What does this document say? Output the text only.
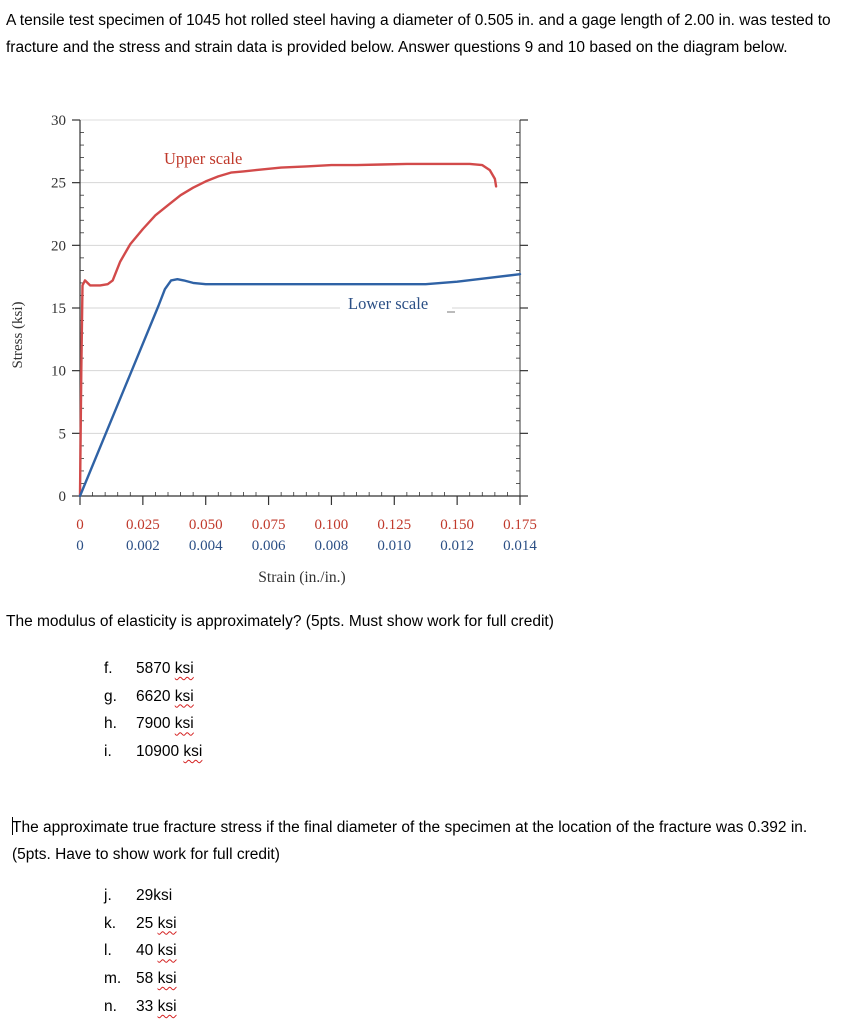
A tensile test specimen of 1045 hot rolled steel having a diameter of 0.505 in. and a gage length of 2.00 in. was tested to fracture and the stress and strain data is provided below. Answer questions 9 and 10 based on the diagram below.

0
5
10
15
20
25
30
0	0.025 0.050 0.075 0.100 0.125 0.150 0.175
0	0.002 0.004 0.006 0.008 0.010 0.012 0.014
Stress (ksi)
Strain (in./in.)
Upper scale
Lower scale

The modulus of elasticity is approximately? (5pts. Must show work for full credit)

f. 5870 ksi
g. 6620 ksi
h. 7900 ksi
i. 10900 ksi

The approximate true fracture stress if the final diameter of the specimen at the location of the fracture was 0.392 in. (5pts. Have to show work for full credit)

j. 29ksi
k. 25 ksi
l. 40 ksi
m. 58 ksi
n. 33 ksi
